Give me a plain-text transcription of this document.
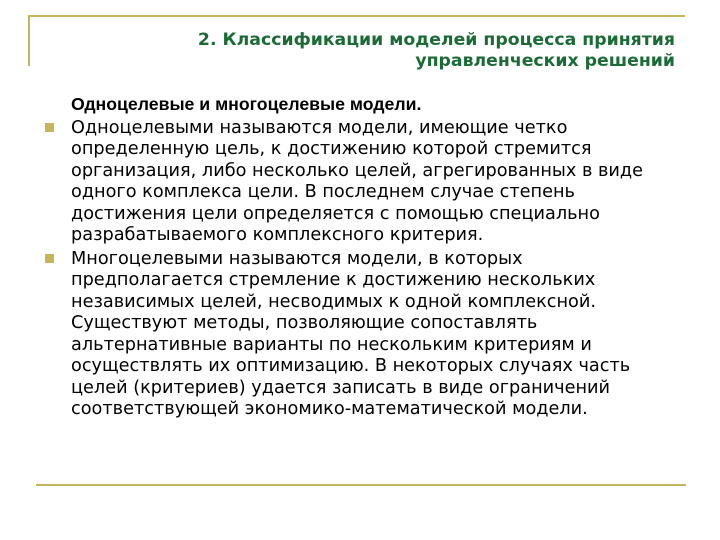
2. Классификации моделей процесса принятия
управленческих решений
Одноцелевые и многоцелевые модели.
Одноцелевыми называются модели, имеющие четко определенную цель, к достижению которой стремится организация, либо несколько целей, агрегированных в виде одного комплекса цели. В последнем случае степень достижения цели определяется с помощью специально разрабатываемого комплексного критерия.
Многоцелевыми называются модели, в которых предполагается стремление к достижению нескольких независимых целей, несводимых к одной комплексной. Существуют методы, позволяющие сопоставлять альтернативные варианты по нескольким критериям и осуществлять их оптимизацию. В некоторых случаях часть целей (критериев) удается записать в виде ограничений соответствующей экономико-математической модели.
